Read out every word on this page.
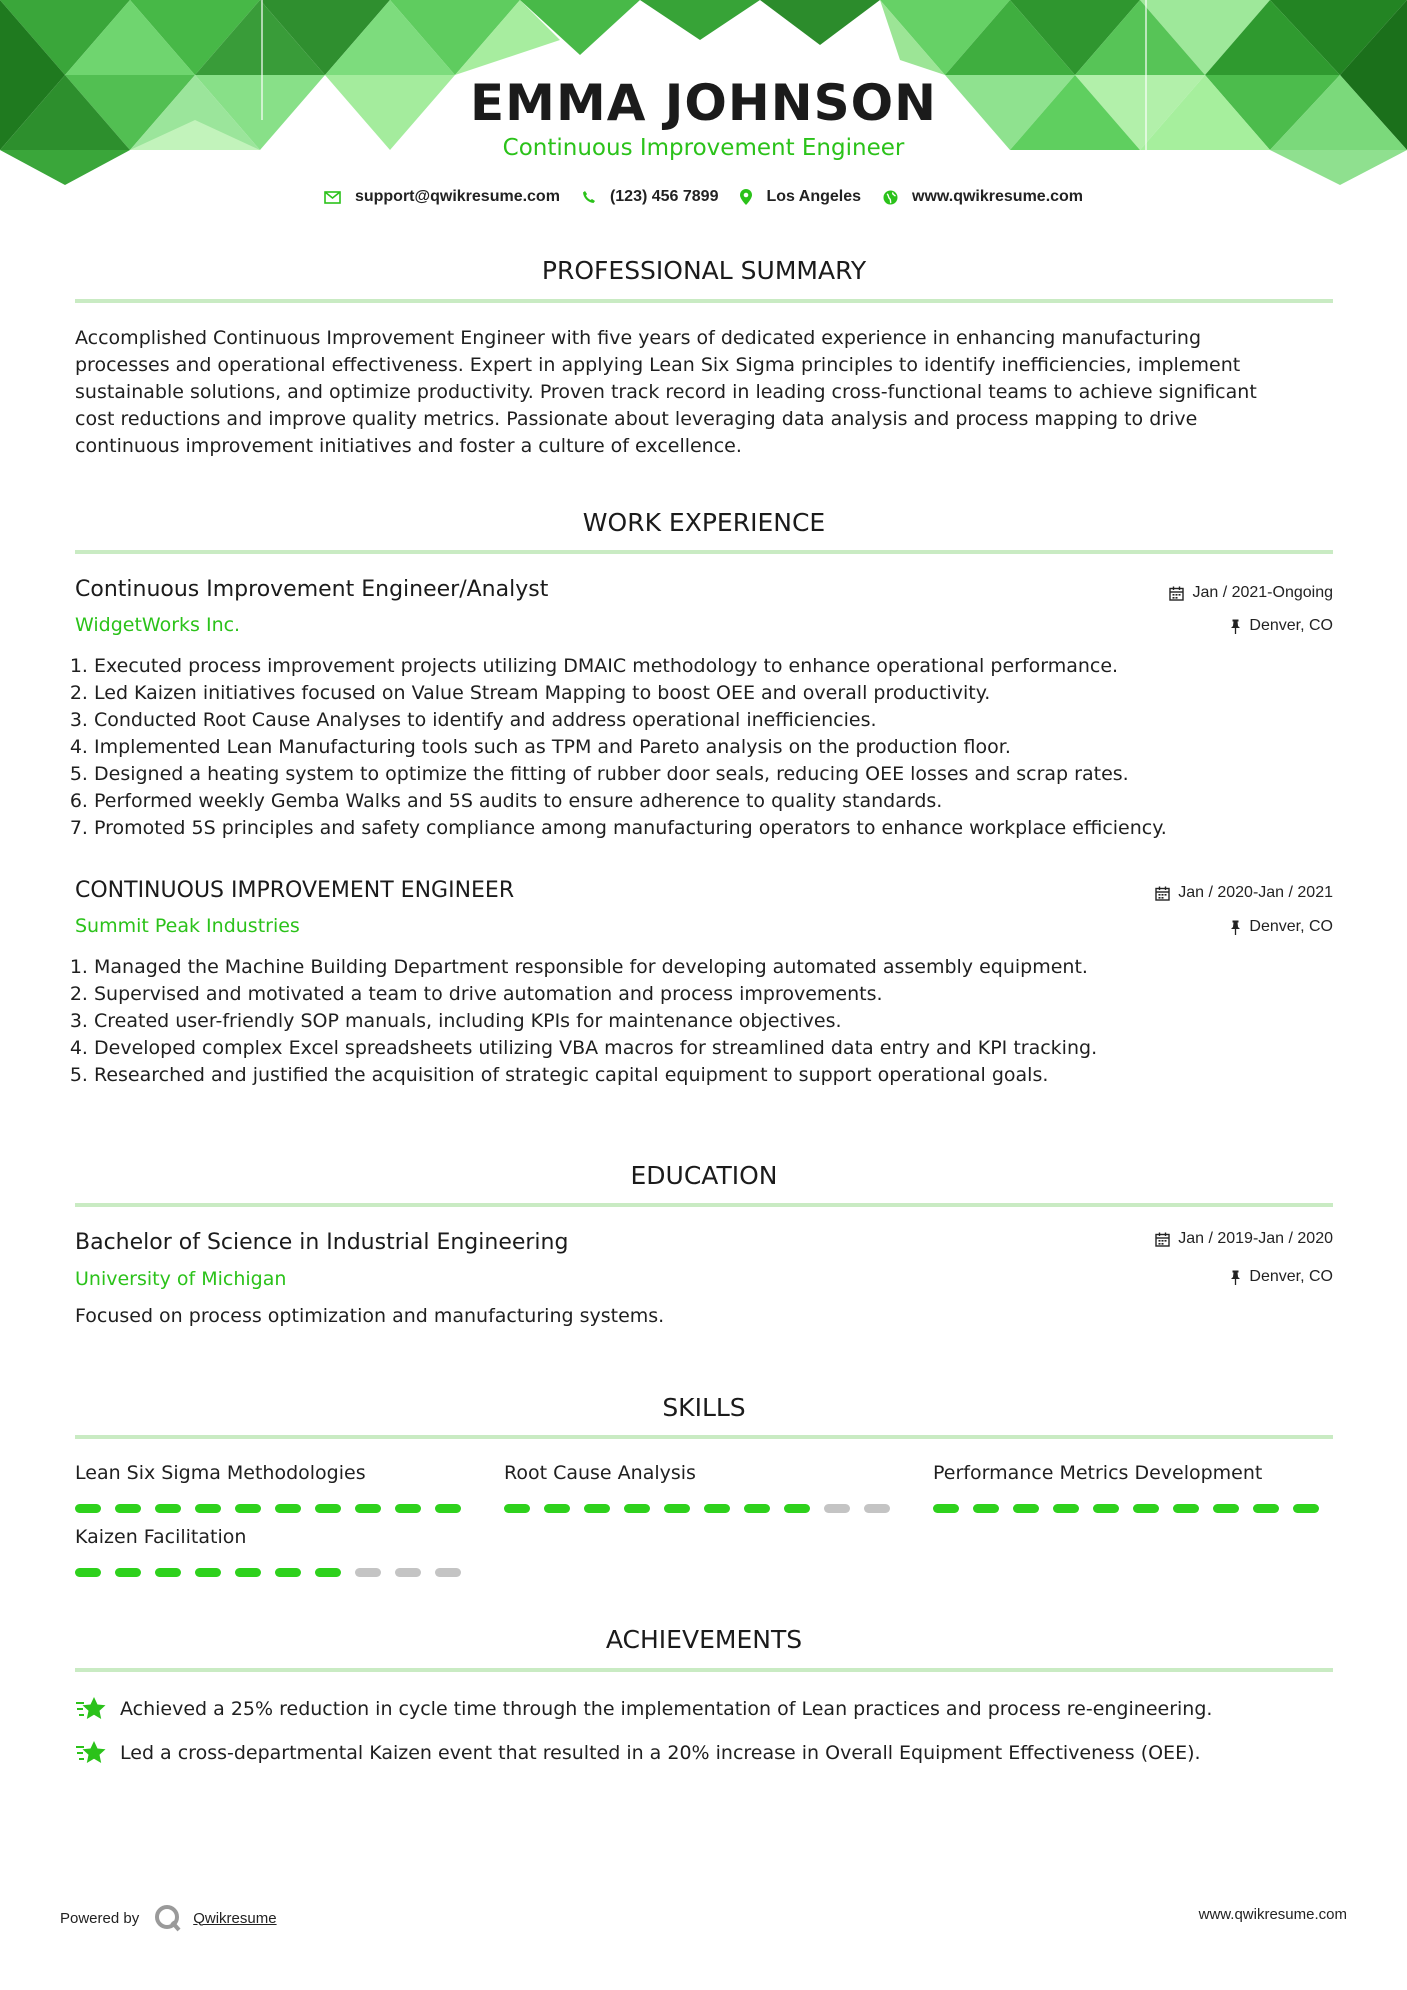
EMMA JOHNSON
Continuous Improvement Engineer
support@qwikresume.com	(123) 456 7899	Los Angeles	www.qwikresume.com
PROFESSIONAL SUMMARY
Accomplished Continuous Improvement Engineer with five years of dedicated experience in enhancing manufacturing
processes and operational effectiveness. Expert in applying Lean Six Sigma principles to identify inefficiencies, implement
sustainable solutions, and optimize productivity. Proven track record in leading cross-functional teams to achieve significant
cost reductions and improve quality metrics. Passionate about leveraging data analysis and process mapping to drive
continuous improvement initiatives and foster a culture of excellence.
WORK EXPERIENCE
Continuous Improvement Engineer/Analyst
WidgetWorks Inc.
Jan / 2021-Ongoing
Denver, CO
1. Executed process improvement projects utilizing DMAIC methodology to enhance operational performance.
2. Led Kaizen initiatives focused on Value Stream Mapping to boost OEE and overall productivity.
3. Conducted Root Cause Analyses to identify and address operational inefficiencies.
4. Implemented Lean Manufacturing tools such as TPM and Pareto analysis on the production floor.
5. Designed a heating system to optimize the fitting of rubber door seals, reducing OEE losses and scrap rates.
6. Performed weekly Gemba Walks and 5S audits to ensure adherence to quality standards.
7. Promoted 5S principles and safety compliance among manufacturing operators to enhance workplace efficiency.
CONTINUOUS IMPROVEMENT ENGINEER
Summit Peak Industries
Jan / 2020-Jan / 2021
Denver, CO
1. Managed the Machine Building Department responsible for developing automated assembly equipment.
2. Supervised and motivated a team to drive automation and process improvements.
3. Created user-friendly SOP manuals, including KPIs for maintenance objectives.
4. Developed complex Excel spreadsheets utilizing VBA macros for streamlined data entry and KPI tracking.
5. Researched and justified the acquisition of strategic capital equipment to support operational goals.
EDUCATION
Bachelor of Science in Industrial Engineering
University of Michigan
Jan / 2019-Jan / 2020
Denver, CO
Focused on process optimization and manufacturing systems.
SKILLS
Lean Six Sigma Methodologies	Root Cause Analysis	Performance Metrics Development
Kaizen Facilitation
ACHIEVEMENTS
Achieved a 25% reduction in cycle time through the implementation of Lean practices and process re-engineering.
Led a cross-departmental Kaizen event that resulted in a 20% increase in Overall Equipment Effectiveness (OEE).
Powered by	Qwikresume	www.qwikresume.com
